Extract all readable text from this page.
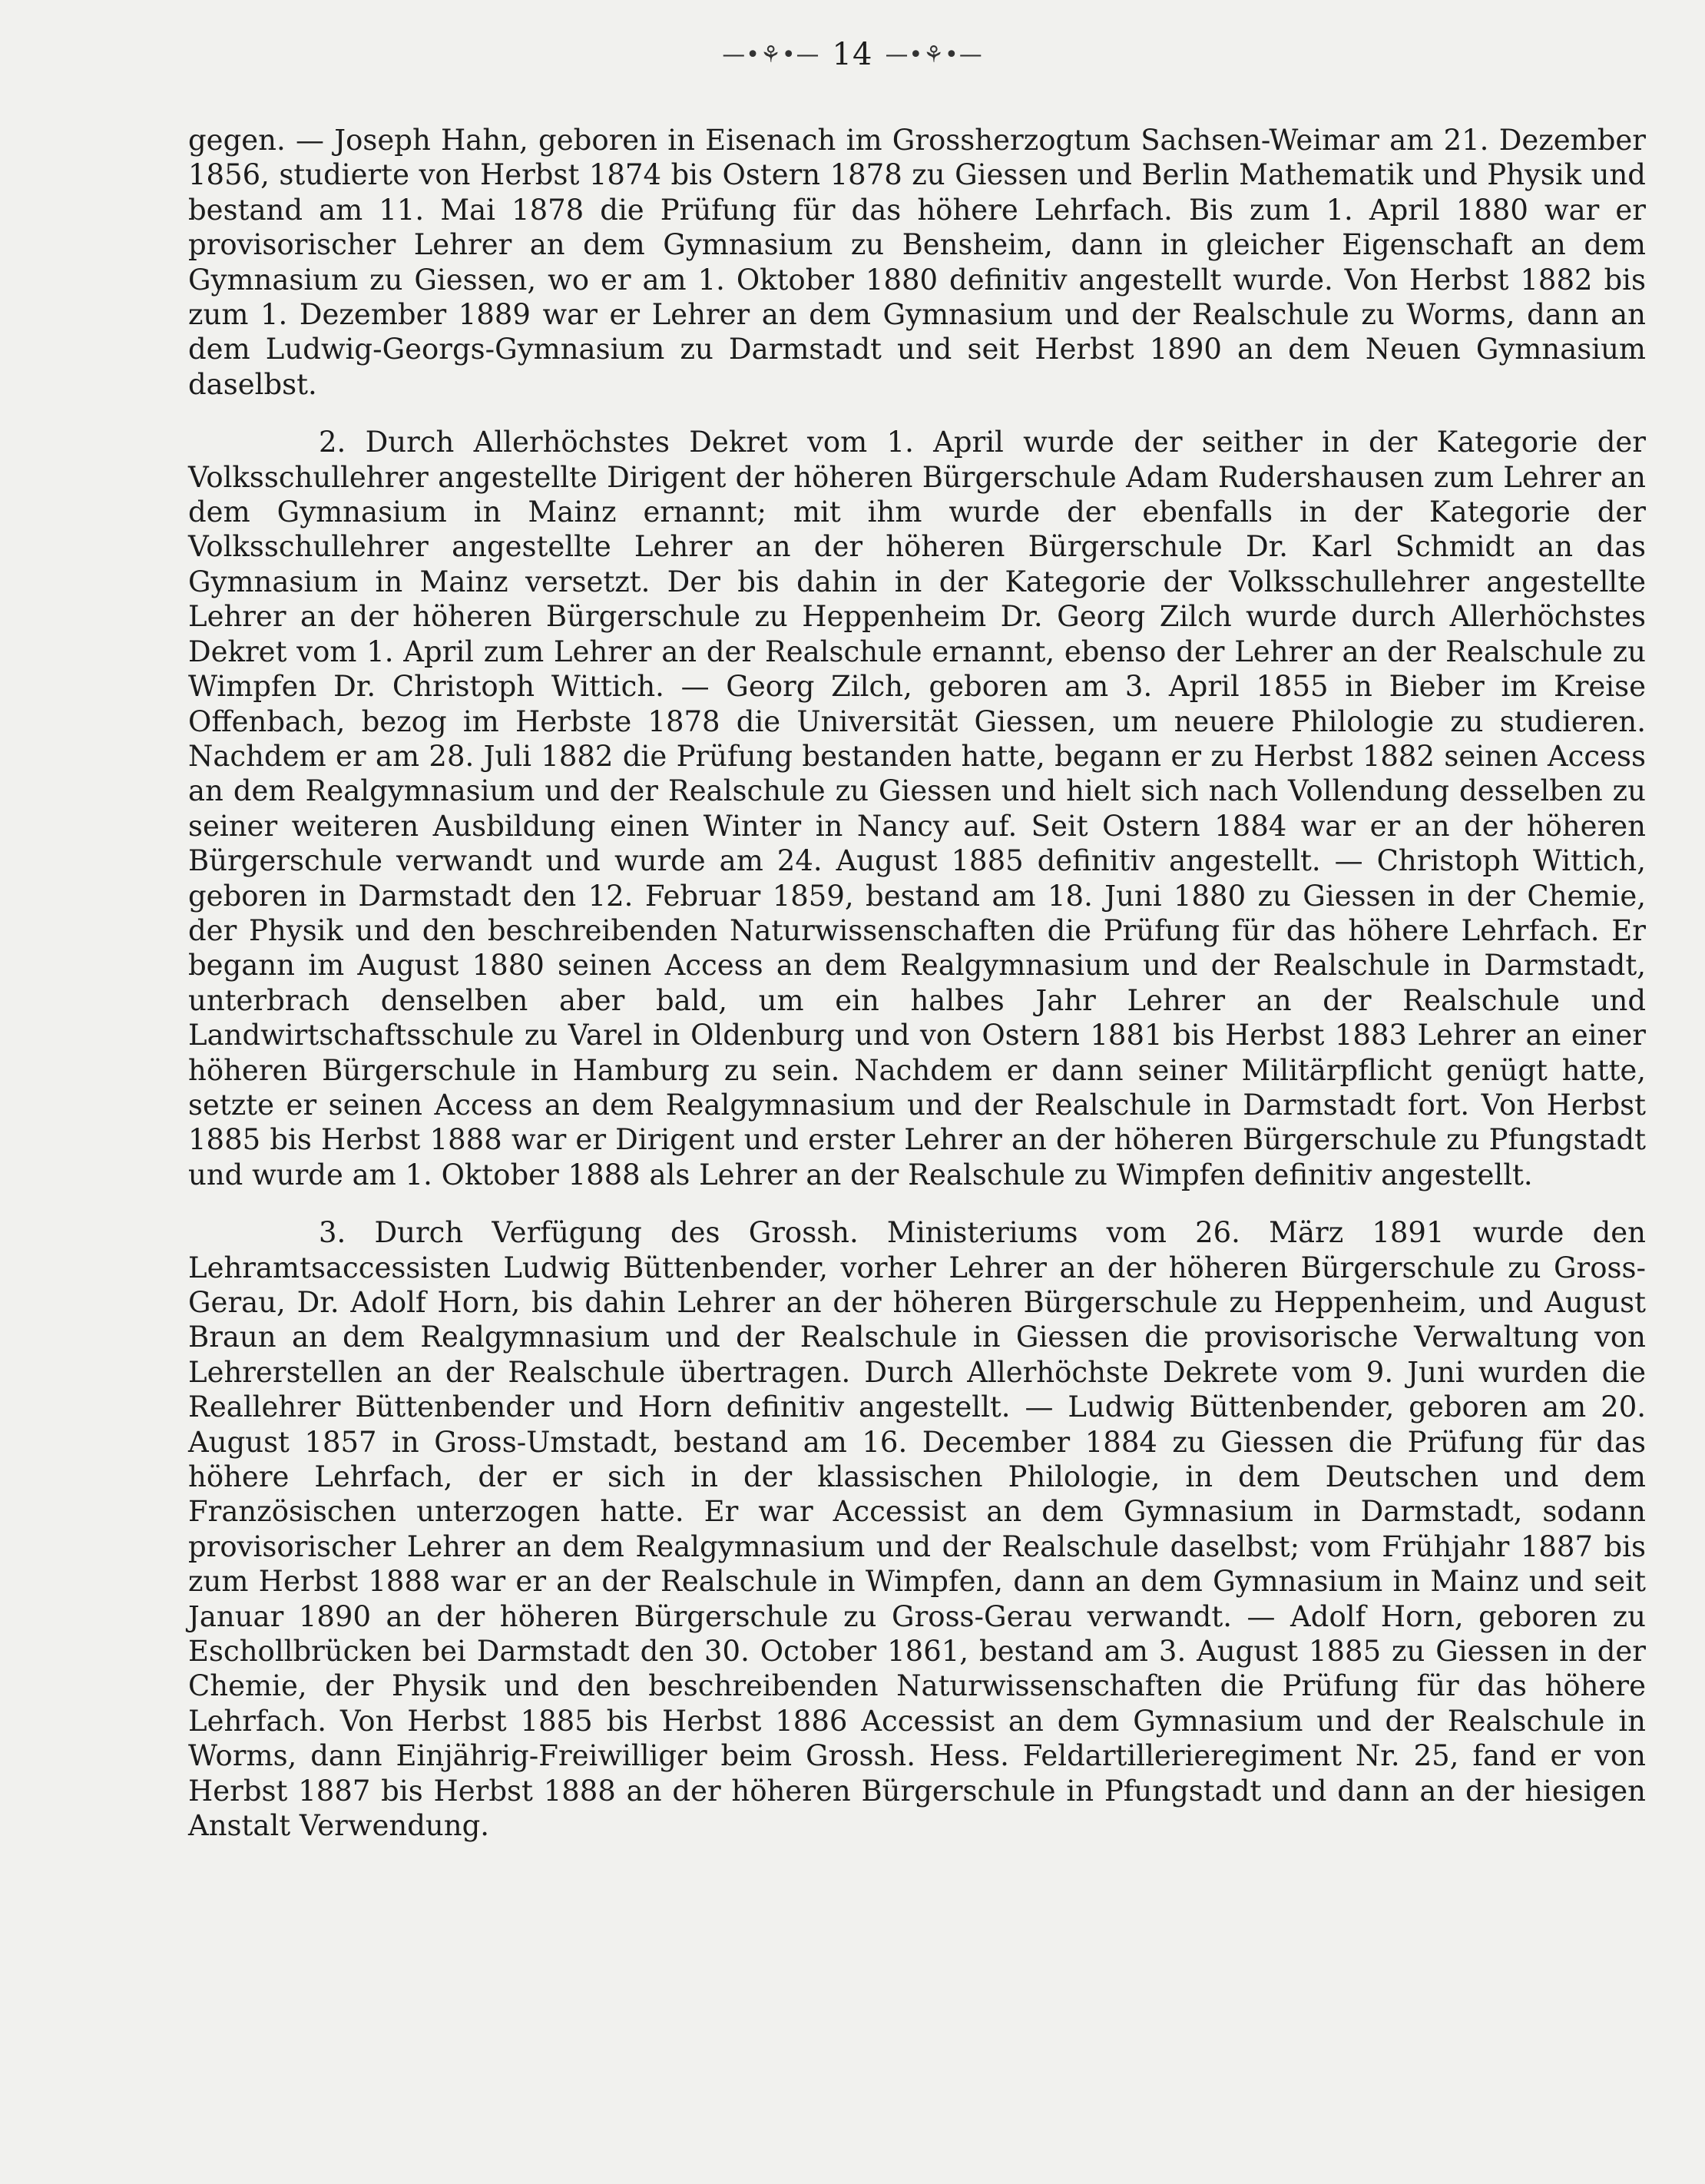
—•⚘•— 14 —•⚘•—

gegen. — Joseph Hahn, geboren in Eisenach im Grossherzogtum Sachsen-Weimar am 21. Dezember 1856, studierte von Herbst 1874 bis Ostern 1878 zu Giessen und Berlin Mathematik und Physik und bestand am 11. Mai 1878 die Prüfung für das höhere Lehrfach. Bis zum 1. April 1880 war er provisorischer Lehrer an dem Gymnasium zu Bensheim, dann in gleicher Eigenschaft an dem Gymnasium zu Giessen, wo er am 1. Oktober 1880 definitiv angestellt wurde. Von Herbst 1882 bis zum 1. Dezember 1889 war er Lehrer an dem Gymnasium und der Realschule zu Worms, dann an dem Ludwig-Georgs-Gymnasium zu Darmstadt und seit Herbst 1890 an dem Neuen Gymnasium daselbst.

2. Durch Allerhöchstes Dekret vom 1. April wurde der seither in der Kategorie der Volksschullehrer angestellte Dirigent der höheren Bürgerschule Adam Rudershausen zum Lehrer an dem Gymnasium in Mainz ernannt; mit ihm wurde der ebenfalls in der Kategorie der Volksschullehrer angestellte Lehrer an der höheren Bürgerschule Dr. Karl Schmidt an das Gymnasium in Mainz versetzt. Der bis dahin in der Kategorie der Volksschullehrer angestellte Lehrer an der höheren Bürgerschule zu Heppenheim Dr. Georg Zilch wurde durch Allerhöchstes Dekret vom 1. April zum Lehrer an der Realschule ernannt, ebenso der Lehrer an der Realschule zu Wimpfen Dr. Christoph Wittich. — Georg Zilch, geboren am 3. April 1855 in Bieber im Kreise Offenbach, bezog im Herbste 1878 die Universität Giessen, um neuere Philologie zu studieren. Nachdem er am 28. Juli 1882 die Prüfung bestanden hatte, begann er zu Herbst 1882 seinen Access an dem Realgymnasium und der Realschule zu Giessen und hielt sich nach Vollendung desselben zu seiner weiteren Ausbildung einen Winter in Nancy auf. Seit Ostern 1884 war er an der höheren Bürgerschule verwandt und wurde am 24. August 1885 definitiv angestellt. — Christoph Wittich, geboren in Darmstadt den 12. Februar 1859, bestand am 18. Juni 1880 zu Giessen in der Chemie, der Physik und den beschreibenden Naturwissenschaften die Prüfung für das höhere Lehrfach. Er begann im August 1880 seinen Access an dem Realgymnasium und der Realschule in Darmstadt, unterbrach denselben aber bald, um ein halbes Jahr Lehrer an der Realschule und Landwirtschaftsschule zu Varel in Oldenburg und von Ostern 1881 bis Herbst 1883 Lehrer an einer höheren Bürgerschule in Hamburg zu sein. Nachdem er dann seiner Militärpflicht genügt hatte, setzte er seinen Access an dem Realgymnasium und der Realschule in Darmstadt fort. Von Herbst 1885 bis Herbst 1888 war er Dirigent und erster Lehrer an der höheren Bürgerschule zu Pfungstadt und wurde am 1. Oktober 1888 als Lehrer an der Realschule zu Wimpfen definitiv angestellt.

3. Durch Verfügung des Grossh. Ministeriums vom 26. März 1891 wurde den Lehramtsaccessisten Ludwig Büttenbender, vorher Lehrer an der höheren Bürgerschule zu Gross-Gerau, Dr. Adolf Horn, bis dahin Lehrer an der höheren Bürgerschule zu Heppenheim, und August Braun an dem Realgymnasium und der Realschule in Giessen die provisorische Verwaltung von Lehrerstellen an der Realschule übertragen. Durch Allerhöchste Dekrete vom 9. Juni wurden die Reallehrer Büttenbender und Horn definitiv angestellt. — Ludwig Büttenbender, geboren am 20. August 1857 in Gross-Umstadt, bestand am 16. December 1884 zu Giessen die Prüfung für das höhere Lehrfach, der er sich in der klassischen Philologie, in dem Deutschen und dem Französischen unterzogen hatte. Er war Accessist an dem Gymnasium in Darmstadt, sodann provisorischer Lehrer an dem Realgymnasium und der Realschule daselbst; vom Frühjahr 1887 bis zum Herbst 1888 war er an der Realschule in Wimpfen, dann an dem Gymnasium in Mainz und seit Januar 1890 an der höheren Bürgerschule zu Gross-Gerau verwandt. — Adolf Horn, geboren zu Eschollbrücken bei Darmstadt den 30. October 1861, bestand am 3. August 1885 zu Giessen in der Chemie, der Physik und den beschreibenden Naturwissenschaften die Prüfung für das höhere Lehrfach. Von Herbst 1885 bis Herbst 1886 Accessist an dem Gymnasium und der Realschule in Worms, dann Einjährig-Freiwilliger beim Grossh. Hess. Feldartillerieregiment Nr. 25, fand er von Herbst 1887 bis Herbst 1888 an der höheren Bürgerschule in Pfungstadt und dann an der hiesigen Anstalt Verwendung.
